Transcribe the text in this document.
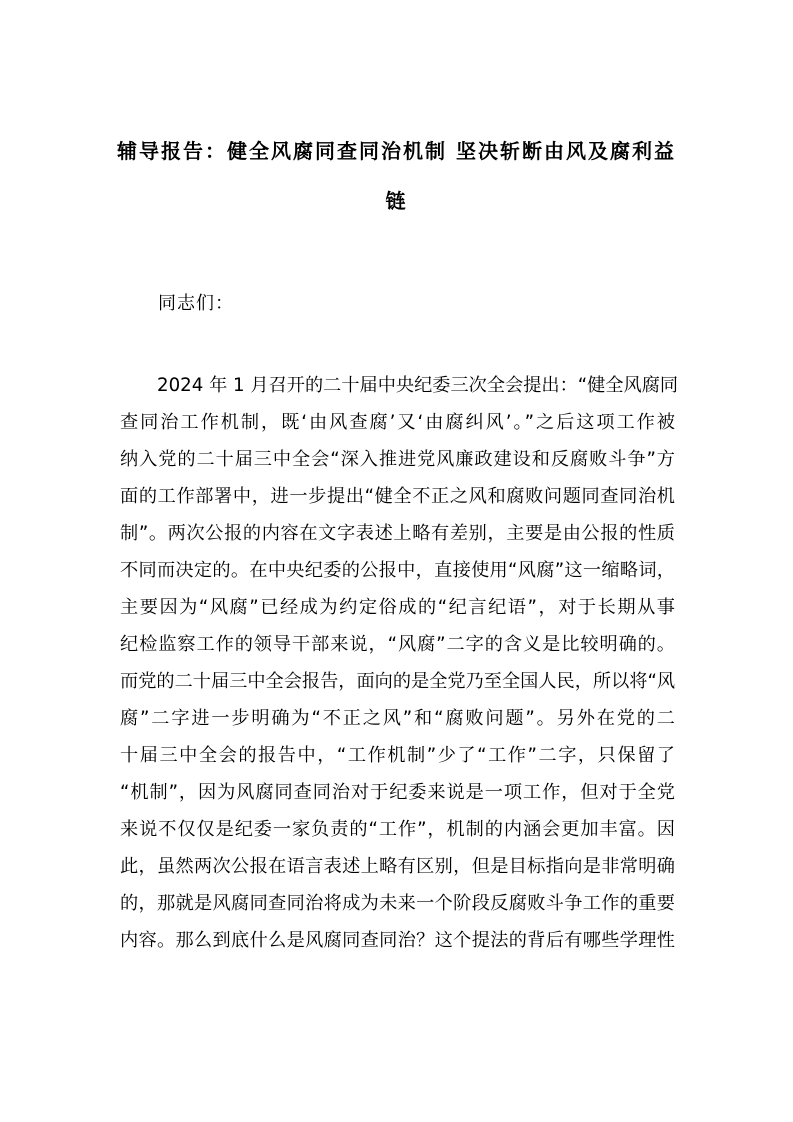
辅导报告：健全风腐同查同治机制 坚决斩断由风及腐利益
链
同志们：
2024 年 1 月召开的二十届中央纪委三次全会提出：“健全风腐同
查同治工作机制，既‘由风查腐’又‘由腐纠风’。”之后这项工作被
纳入党的二十届三中全会“深入推进党风廉政建设和反腐败斗争”方
面的工作部署中，进一步提出“健全不正之风和腐败问题同查同治机
制”。两次公报的内容在文字表述上略有差别，主要是由公报的性质
不同而决定的。在中央纪委的公报中，直接使用“风腐”这一缩略词，
主要因为“风腐”已经成为约定俗成的“纪言纪语”，对于长期从事
纪检监察工作的领导干部来说，“风腐”二字的含义是比较明确的。
而党的二十届三中全会报告，面向的是全党乃至全国人民，所以将“风
腐”二字进一步明确为“不正之风”和“腐败问题”。另外在党的二
十届三中全会的报告中，“工作机制”少了“工作”二字，只保留了
“机制”，因为风腐同查同治对于纪委来说是一项工作，但对于全党
来说不仅仅是纪委一家负责的“工作”，机制的内涵会更加丰富。因
此，虽然两次公报在语言表述上略有区别，但是目标指向是非常明确
的，那就是风腐同查同治将成为未来一个阶段反腐败斗争工作的重要
内容。那么到底什么是风腐同查同治？这个提法的背后有哪些学理性
